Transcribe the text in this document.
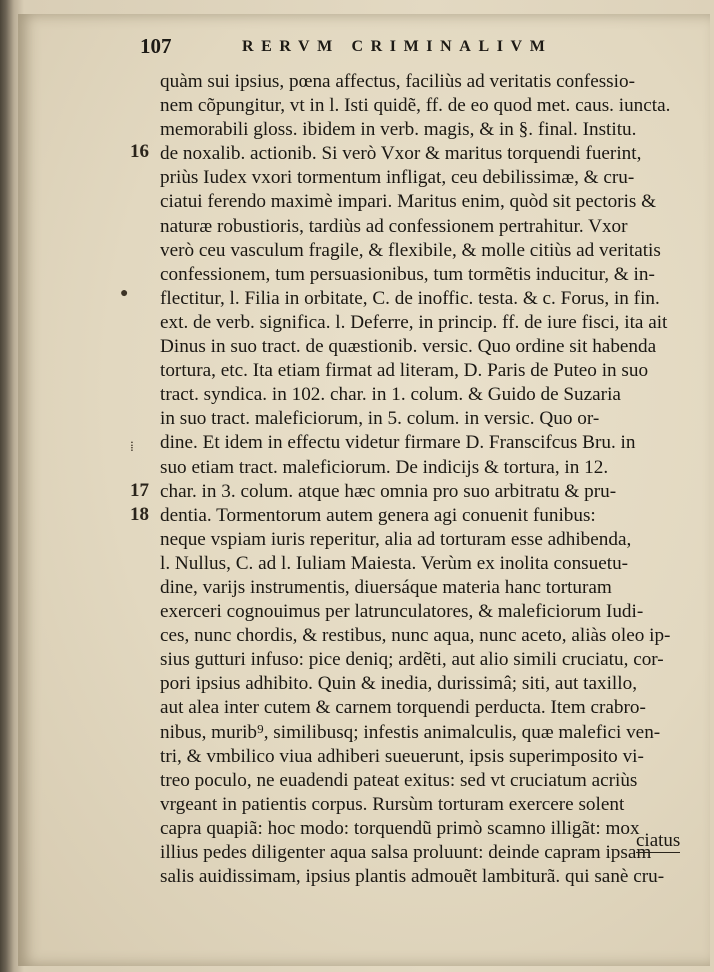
107	RERVM CRIMINALIVM
16
17
18
●
⁞
quàm sui ipsius, pœna affectus, faciliùs ad veritatis confessio-
nem cõpungitur, vt in l. Isti quidẽ, ff. de eo quod met. caus. iuncta.
memorabili gloss. ibidem in verb. magis, & in §. final. Institu.
de noxalib. actionib. Si verò Vxor & maritus torquendi fuerint,
priùs Iudex vxori tormentum infligat, ceu debilissimæ, & cru-
ciatui ferendo maximè impari. Maritus enim, quòd sit pectoris &
naturæ robustioris, tardiùs ad confessionem pertrahitur. Vxor
verò ceu vasculum fragile, & flexibile, & molle citiùs ad veritatis
confessionem, tum persuasionibus, tum tormẽtis inducitur, & in-
flectitur, l. Filia in orbitate, C. de inoffic. testa. & c. Forus, in fin.
ext. de verb. significa. l. Deferre, in princip. ff. de iure fisci, ita ait
Dinus in suo tract. de quæstionib. versic. Quo ordine sit habenda
tortura, etc. Ita etiam firmat ad literam, D. Paris de Puteo in suo
tract. syndica. in 102. char. in 1. colum. & Guido de Suzaria
in suo tract. maleficiorum, in 5. colum. in versic. Quo or-
dine. Et idem in effectu videtur firmare D. Franscifcus Bru. in
suo etiam tract. maleficiorum. De indicijs & tortura, in 12.
char. in 3. colum. atque hæc omnia pro suo arbitratu & pru-
dentia. Tormentorum autem genera agi conuenit funibus:
neque vspiam iuris reperitur, alia ad torturam esse adhibenda,
l. Nullus, C. ad l. Iuliam Maiesta. Verùm ex inolita consuetu-
dine, varijs instrumentis, diuersáque materia hanc torturam
exerceri cognouimus per latrunculatores, & maleficiorum Iudi-
ces, nunc chordis, & restibus, nunc aqua, nunc aceto, aliàs oleo ip-
sius gutturi infuso: pice deniq; ardẽti, aut alio simili cruciatu, cor-
pori ipsius adhibito. Quin & inedia, durissimâ; siti, aut taxillo,
aut alea inter cutem & carnem torquendi perducta. Item crabro-
nibus, murib⁹, similibusq; infestis animalculis, quæ malefici ven-
tri, & vmbilico viua adhiberi sueuerunt, ipsis superimposito vi-
treo poculo, ne euadendi pateat exitus: sed vt cruciatum acriùs
vrgeant in patientis corpus. Rursùm torturam exercere solent
capra quapiã: hoc modo: torquendũ primò scamno illigãt: mox
illius pedes diligenter aqua salsa proluunt: deinde capram ipsam
salis auidissimam, ipsius plantis admouẽt lambiturã. qui sanè cru-
ciatus
